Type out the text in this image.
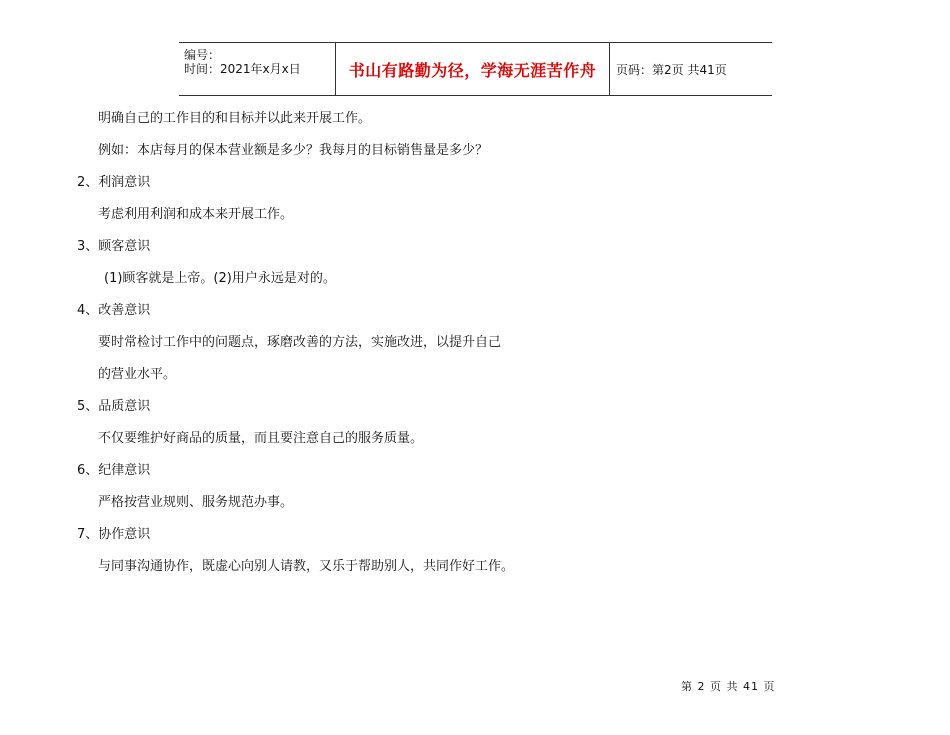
编号：
时间：2021年x月x日	书山有路勤为径，学海无涯苦作舟	页码：第2页 共41页
明确自己的工作目的和目标并以此来开展工作。
例如：本店每月的保本营业额是多少？我每月的目标销售量是多少？
2、利润意识
考虑利用利润和成本来开展工作。
3、顾客意识
(1)顾客就是上帝。(2)用户永远是对的。
4、改善意识
要时常检讨工作中的问题点，琢磨改善的方法，实施改进，以提升自己
的营业水平。
5、品质意识
不仅要维护好商品的质量，而且要注意自己的服务质量。
6、纪律意识
严格按营业规则、服务规范办事。
7、协作意识
与同事沟通协作，既虚心向别人请教，又乐于帮助别人，共同作好工作。
第 2 页 共 41 页
